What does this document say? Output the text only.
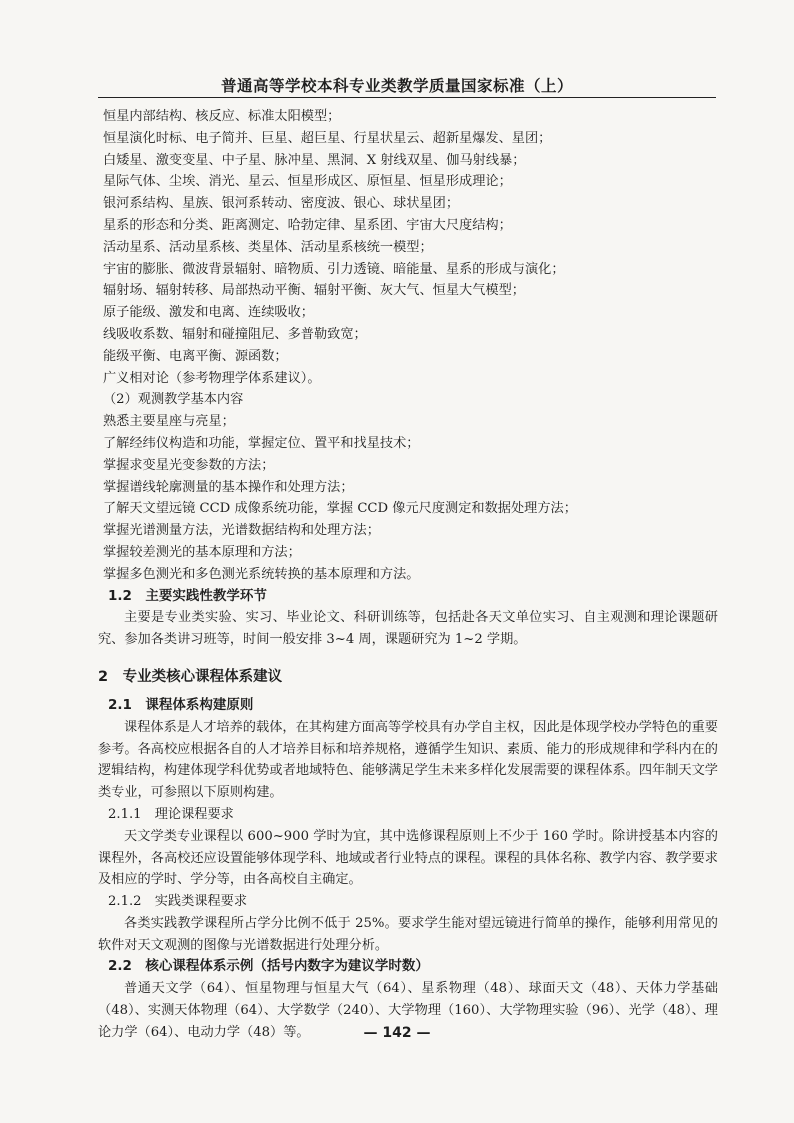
普通高等学校本科专业类教学质量国家标准（上）
恒星内部结构、核反应、标准太阳模型；
恒星演化时标、电子简并、巨星、超巨星、行星状星云、超新星爆发、星团；
白矮星、激变变星、中子星、脉冲星、黑洞、X 射线双星、伽马射线暴；
星际气体、尘埃、消光、星云、恒星形成区、原恒星、恒星形成理论；
银河系结构、星族、银河系转动、密度波、银心、球状星团；
星系的形态和分类、距离测定、哈勃定律、星系团、宇宙大尺度结构；
活动星系、活动星系核、类星体、活动星系核统一模型；
宇宙的膨胀、微波背景辐射、暗物质、引力透镜、暗能量、星系的形成与演化；
辐射场、辐射转移、局部热动平衡、辐射平衡、灰大气、恒星大气模型；
原子能级、激发和电离、连续吸收；
线吸收系数、辐射和碰撞阻尼、多普勒致宽；
能级平衡、电离平衡、源函数；
广义相对论（参考物理学体系建议）。
（2）观测教学基本内容
熟悉主要星座与亮星；
了解经纬仪构造和功能，掌握定位、置平和找星技术；
掌握求变星光变参数的方法；
掌握谱线轮廓测量的基本操作和处理方法；
了解天文望远镜 CCD 成像系统功能，掌握 CCD 像元尺度测定和数据处理方法；
掌握光谱测量方法，光谱数据结构和处理方法；
掌握较差测光的基本原理和方法；
掌握多色测光和多色测光系统转换的基本原理和方法。
1.2　主要实践性教学环节
主要是专业类实验、实习、毕业论文、科研训练等，包括赴各天文单位实习、自主观测和理论课题研究、参加各类讲习班等，时间一般安排 3~4 周，课题研究为 1~2 学期。
2　专业类核心课程体系建议
2.1　课程体系构建原则
课程体系是人才培养的载体，在其构建方面高等学校具有办学自主权，因此是体现学校办学特色的重要参考。各高校应根据各自的人才培养目标和培养规格，遵循学生知识、素质、能力的形成规律和学科内在的逻辑结构，构建体现学科优势或者地域特色、能够满足学生未来多样化发展需要的课程体系。四年制天文学类专业，可参照以下原则构建。
2.1.1　理论课程要求
天文学类专业课程以 600~900 学时为宜，其中选修课程原则上不少于 160 学时。除讲授基本内容的课程外，各高校还应设置能够体现学科、地域或者行业特点的课程。课程的具体名称、教学内容、教学要求及相应的学时、学分等，由各高校自主确定。
2.1.2　实践类课程要求
各类实践教学课程所占学分比例不低于 25%。要求学生能对望远镜进行简单的操作，能够利用常见的软件对天文观测的图像与光谱数据进行处理分析。
2.2　核心课程体系示例（括号内数字为建议学时数）
普通天文学（64）、恒星物理与恒星大气（64）、星系物理（48）、球面天文（48）、天体力学基础（48）、实测天体物理（64）、大学数学（240）、大学物理（160）、大学物理实验（96）、光学（48）、理论力学（64）、电动力学（48）等。	— 142 —
